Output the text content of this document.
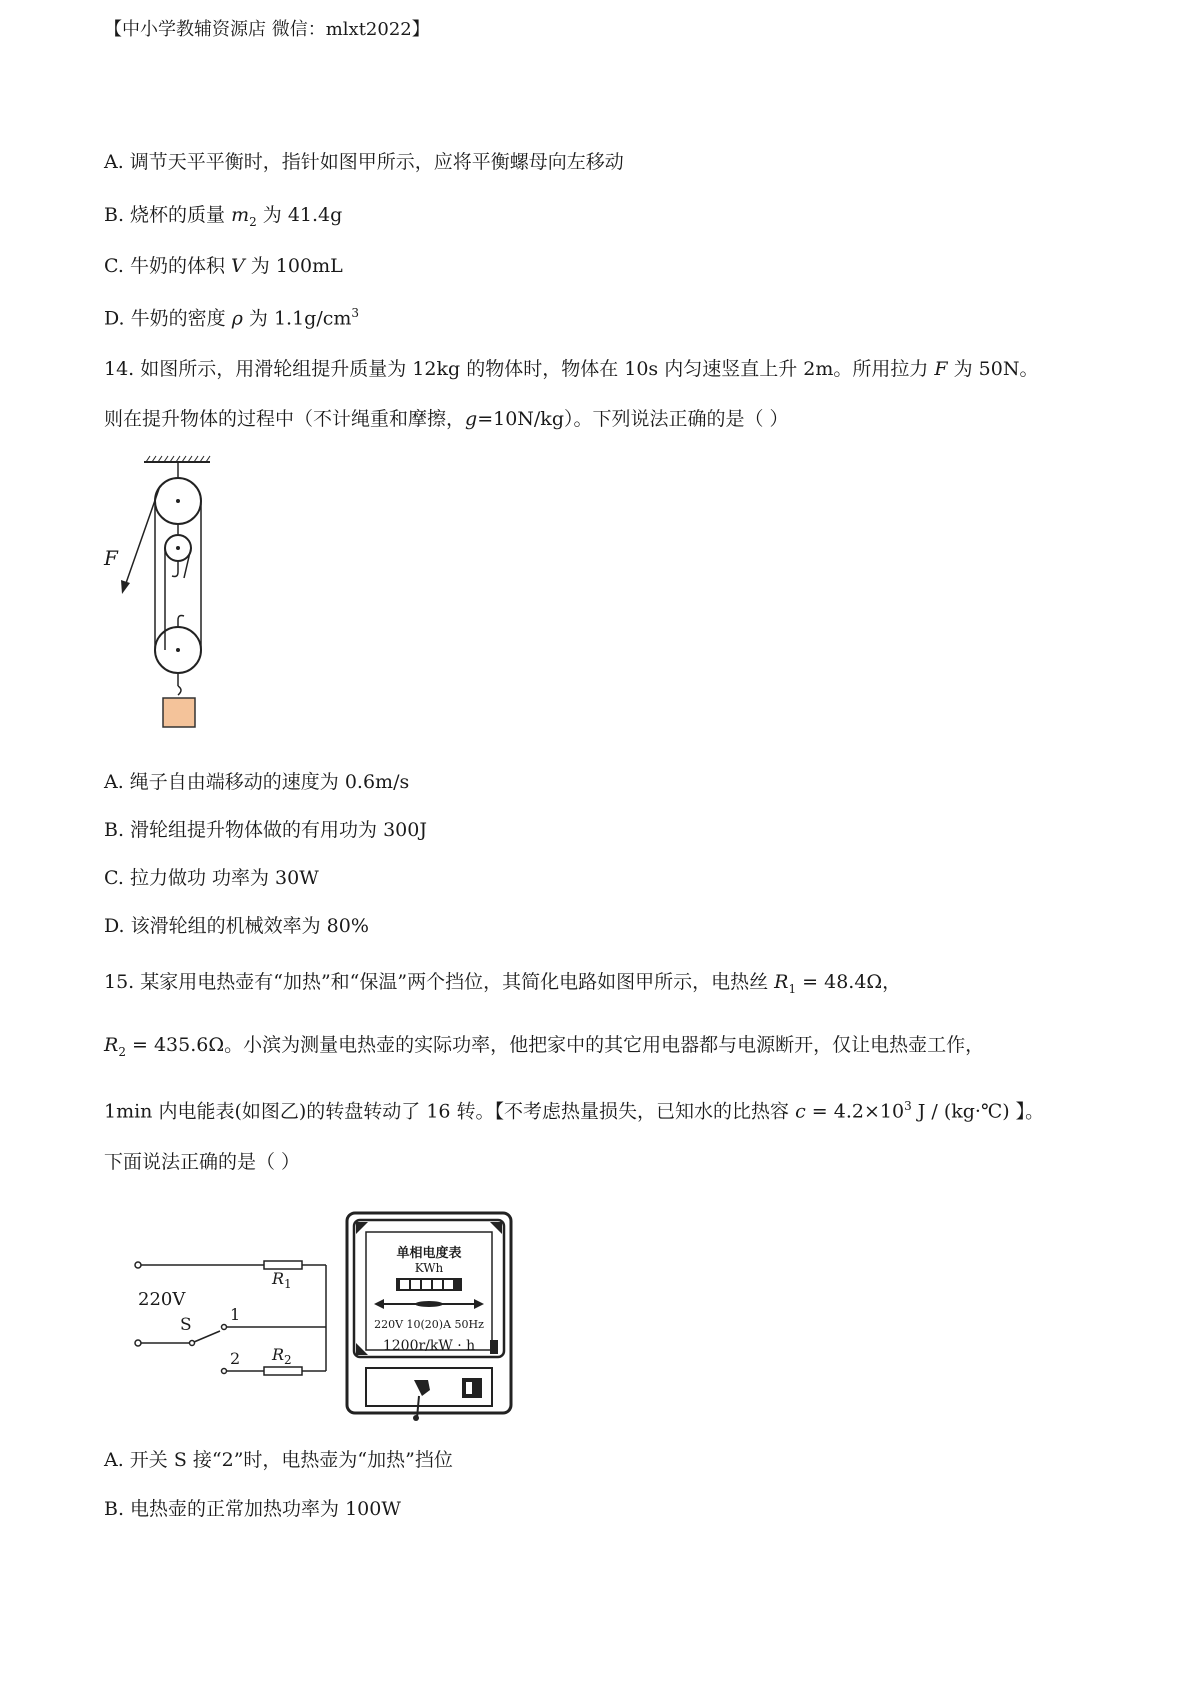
【中小学教辅资源店 微信：mlxt2022】
A. 调节天平平衡时，指针如图甲所示，应将平衡螺母向左移动
B. 烧杯的质量 $m_2$ 为 41.4g
C. 牛奶的体积 V 为 100mL
D. 牛奶的密度 ρ 为 $1.1g/cm^3$
14. 如图所示，用滑轮组提升质量为 12kg 的物体时，物体在 10s 内匀速竖直上升 2m。所用拉力 F 为 50N。
则在提升物体的过程中（不计绳重和摩擦，g=10N/kg）。下列说法正确的是（ ）
F
A. 绳子自由端移动的速度为 0.6m/s
B. 滑轮组提升物体做的有用功为 300J
C. 拉力做功 功率为 30W
D. 该滑轮组的机械效率为 80%
15. 某家用电热壶有“加热”和“保温”两个挡位，其简化电路如图甲所示，电热丝 $R_1 = 48.4\Omega$，
$R_2 = 435.6\Omega$。小滨为测量电热壶的实际功率，他把家中的其它用电器都与电源断开，仅让电热壶工作，
1min 内电能表(如图乙)的转盘转动了 16 转。【不考虑热量损失，已知水的比热容 $c = 4.2\times 10^3$ J / (kg·℃) 】。
下面说法正确的是（ ）
220V
S
1
2
$R_1$
$R_2$
单相电度表
KWh
220V 10(20)A 50Hz
1200r/kW · h
A. 开关 S 接“2”时，电热壶为“加热”挡位
B. 电热壶的正常加热功率为 100W
